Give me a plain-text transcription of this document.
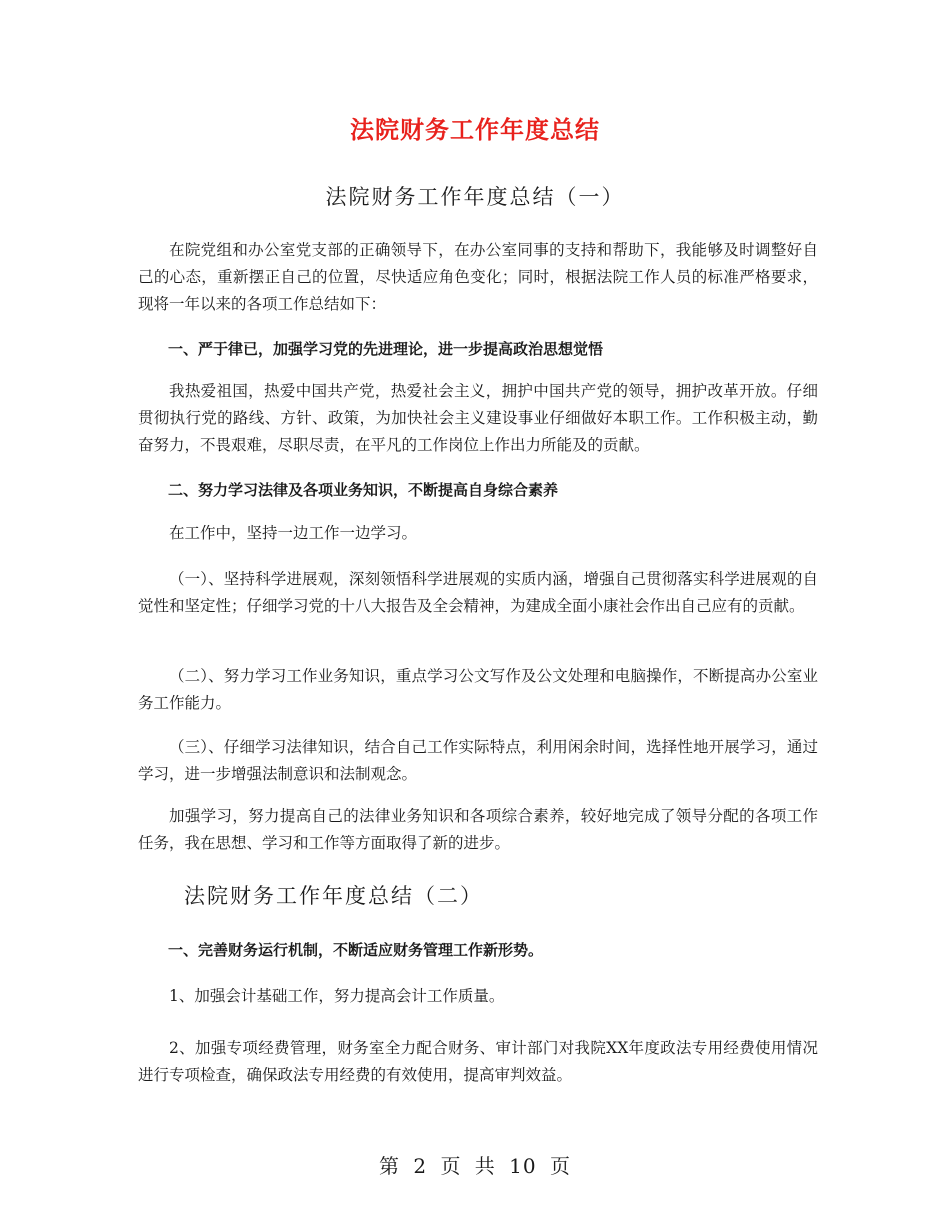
法院财务工作年度总结
法院财务工作年度总结（一）
在院党组和办公室党支部的正确领导下，在办公室同事的支持和帮助下，我能够及时调整好自己的心态，重新摆正自己的位置，尽快适应角色变化；同时，根据法院工作人员的标准严格要求，现将一年以来的各项工作总结如下：
一、严于律已，加强学习党的先进理论，进一步提高政治思想觉悟
我热爱祖国，热爱中国共产党，热爱社会主义，拥护中国共产党的领导，拥护改革开放。仔细贯彻执行党的路线、方针、政策，为加快社会主义建设事业仔细做好本职工作。工作积极主动，勤奋努力，不畏艰难，尽职尽责，在平凡的工作岗位上作出力所能及的贡献。
二、努力学习法律及各项业务知识，不断提高自身综合素养
在工作中，坚持一边工作一边学习。
（一）、坚持科学进展观，深刻领悟科学进展观的实质内涵，增强自己贯彻落实科学进展观的自觉性和坚定性；仔细学习党的十八大报告及全会精神，为建成全面小康社会作出自己应有的贡献。
（二）、努力学习工作业务知识，重点学习公文写作及公文处理和电脑操作，不断提高办公室业务工作能力。
（三）、仔细学习法律知识，结合自己工作实际特点，利用闲余时间，选择性地开展学习，通过学习，进一步增强法制意识和法制观念。
加强学习，努力提高自己的法律业务知识和各项综合素养，较好地完成了领导分配的各项工作任务，我在思想、学习和工作等方面取得了新的进步。
法院财务工作年度总结（二）
一、完善财务运行机制，不断适应财务管理工作新形势。
1、加强会计基础工作，努力提高会计工作质量。
2、加强专项经费管理，财务室全力配合财务、审计部门对我院XX年度政法专用经费使用情况进行专项检查，确保政法专用经费的有效使用，提高审判效益。
第 2 页 共 10 页
